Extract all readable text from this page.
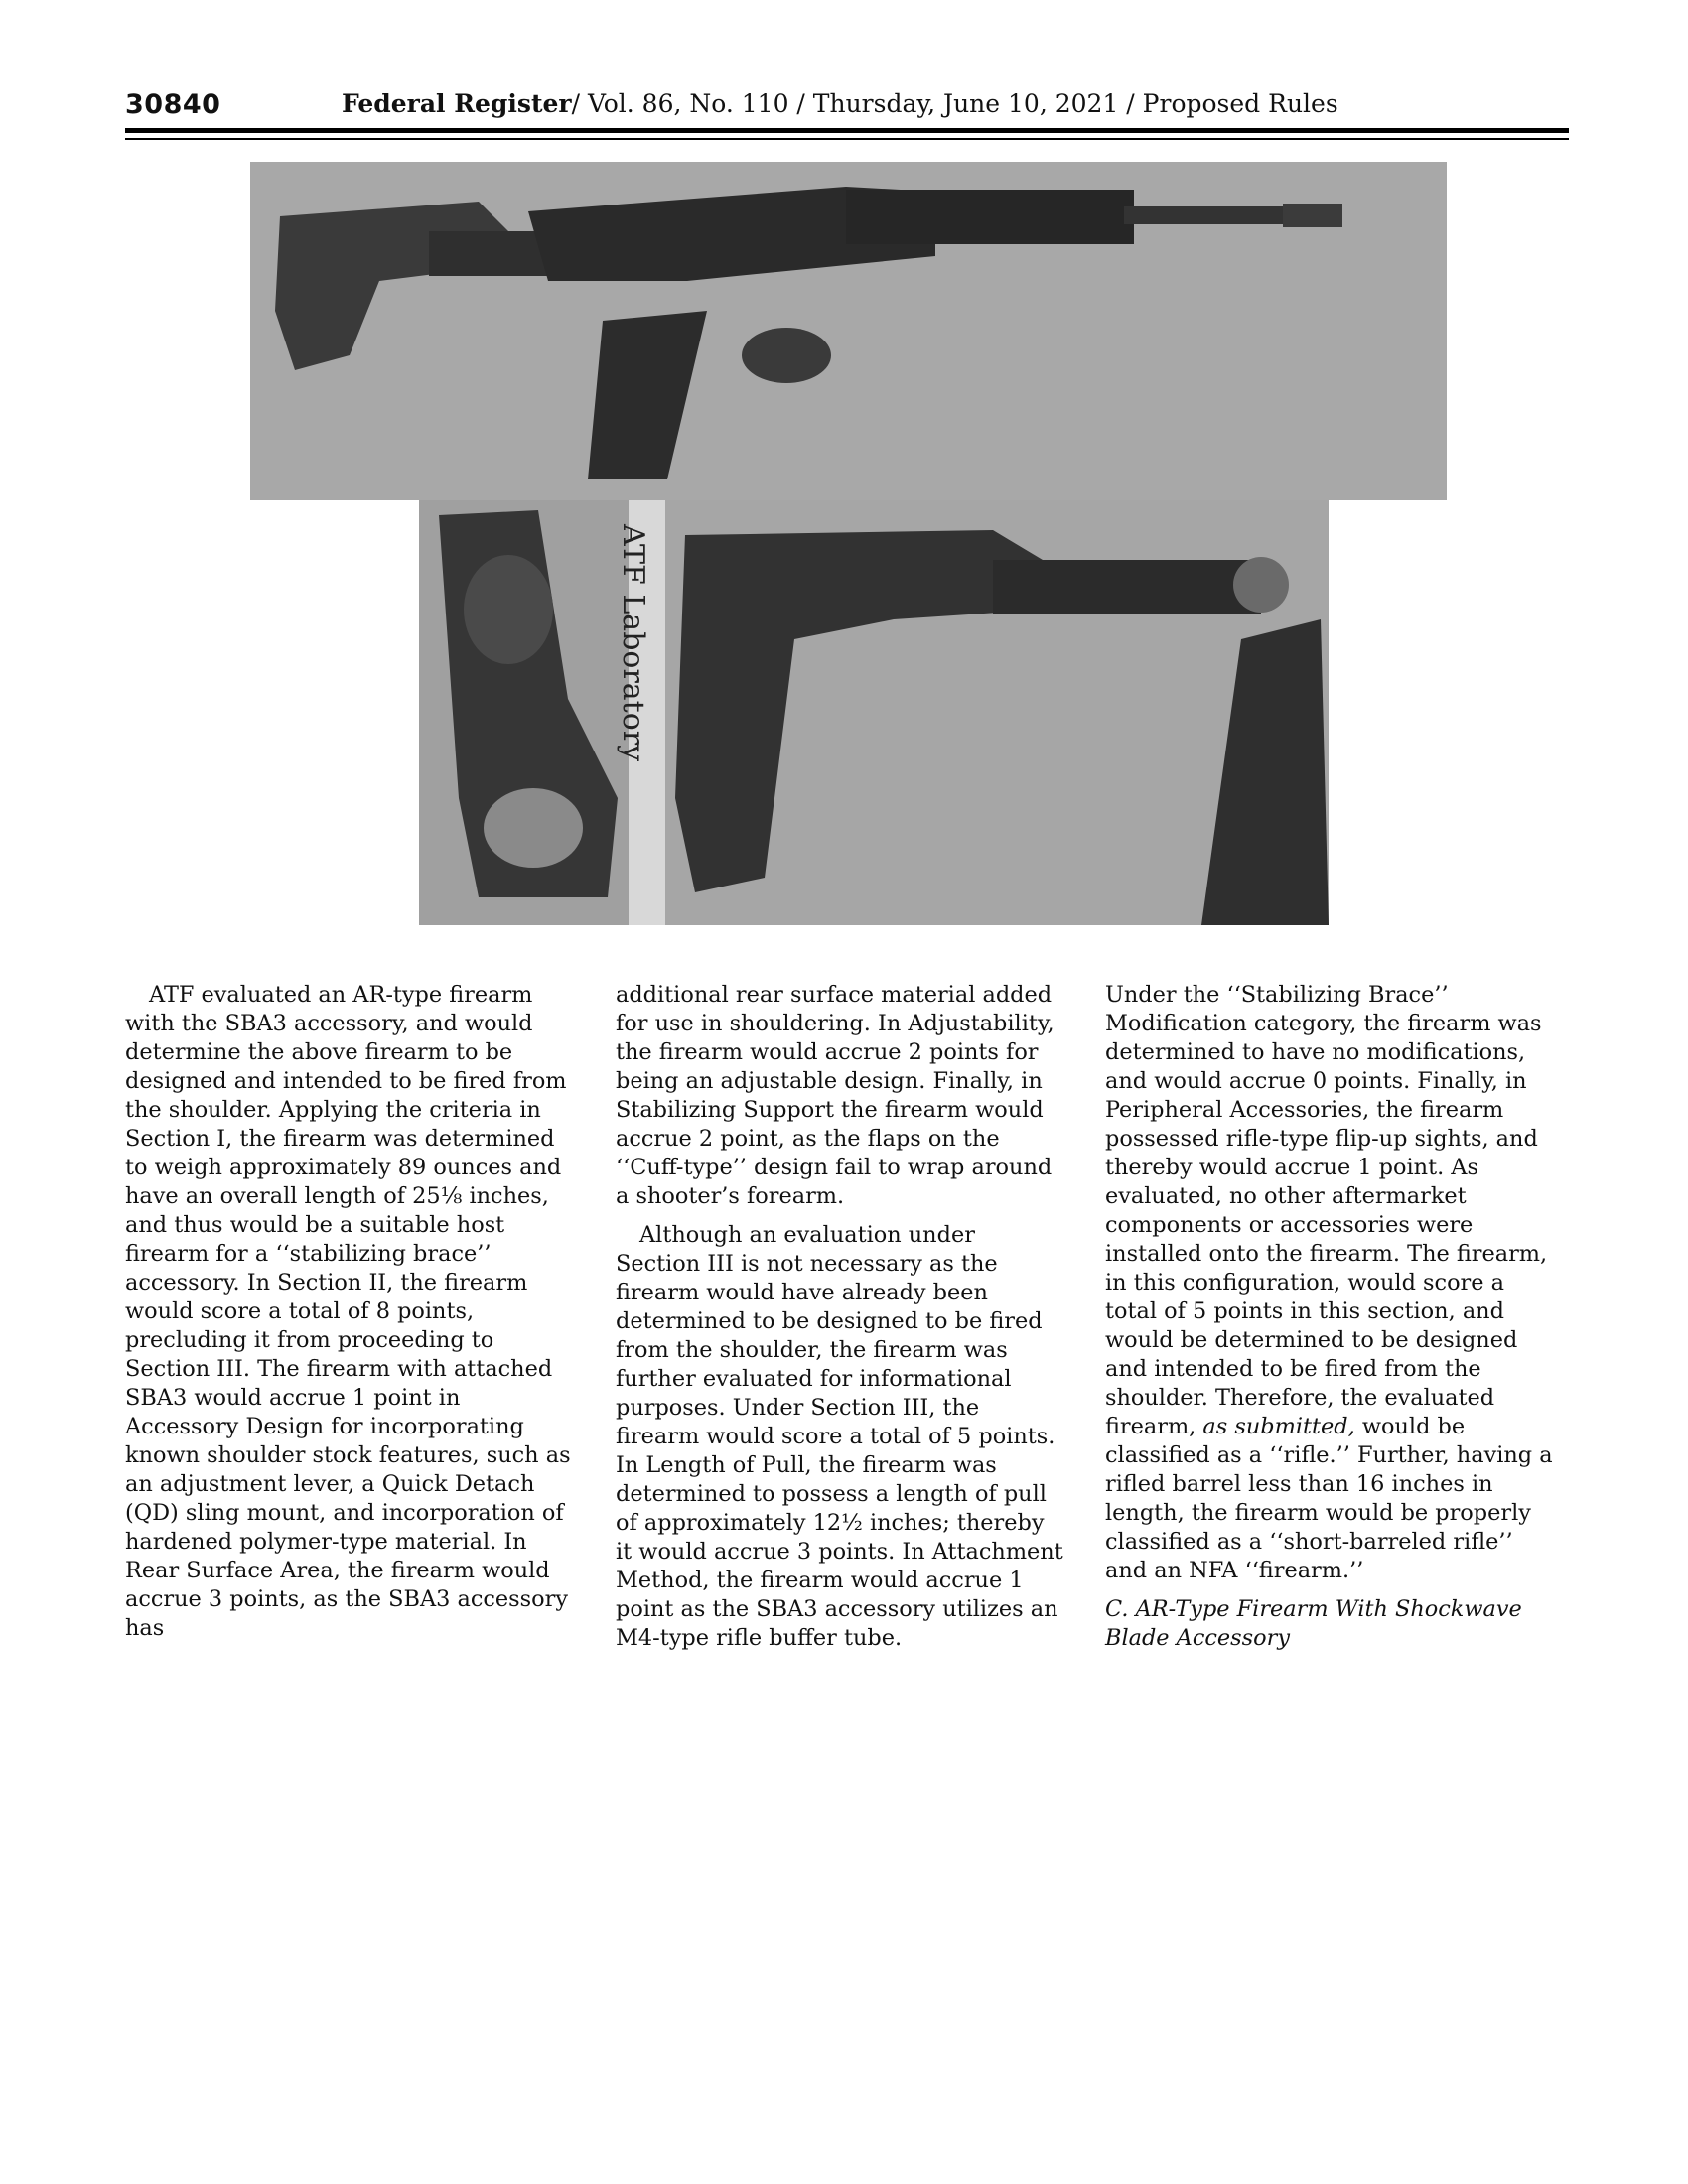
30840	Federal Register/ Vol. 86, No. 110 / Thursday, June 10, 2021 / Proposed Rules
ATF Laboratory

ATF evaluated an AR-type firearm with the SBA3 accessory, and would determine the above firearm to be designed and intended to be fired from the shoulder. Applying the criteria in Section I, the firearm was determined to weigh approximately 89 ounces and have an overall length of 25⅛ inches, and thus would be a suitable host firearm for a ‘‘stabilizing brace’’ accessory. In Section II, the firearm would score a total of 8 points, precluding it from proceeding to Section III. The firearm with attached SBA3 would accrue 1 point in Accessory Design for incorporating known shoulder stock features, such as an adjustment lever, a Quick Detach (QD) sling mount, and incorporation of hardened polymer-type material. In Rear Surface Area, the firearm would accrue 3 points, as the SBA3 accessory has

additional rear surface material added for use in shouldering. In Adjustability, the firearm would accrue 2 points for being an adjustable design. Finally, in Stabilizing Support the firearm would accrue 2 point, as the flaps on the ‘‘Cuff-type’’ design fail to wrap around a shooter’s forearm.

Although an evaluation under Section III is not necessary as the firearm would have already been determined to be designed to be fired from the shoulder, the firearm was further evaluated for informational purposes. Under Section III, the firearm would score a total of 5 points. In Length of Pull, the firearm was determined to possess a length of pull of approximately 12½ inches; thereby it would accrue 3 points. In Attachment Method, the firearm would accrue 1 point as the SBA3 accessory utilizes an M4-type rifle buffer tube.

Under the ‘‘Stabilizing Brace’’ Modification category, the firearm was determined to have no modifications, and would accrue 0 points. Finally, in Peripheral Accessories, the firearm possessed rifle-type flip-up sights, and thereby would accrue 1 point. As evaluated, no other aftermarket components or accessories were installed onto the firearm. The firearm, in this configuration, would score a total of 5 points in this section, and would be determined to be designed and intended to be fired from the shoulder. Therefore, the evaluated firearm, as submitted, would be classified as a ‘‘rifle.’’ Further, having a rifled barrel less than 16 inches in length, the firearm would be properly classified as a ‘‘short-barreled rifle’’ and an NFA ‘‘firearm.’’

C. AR-Type Firearm With Shockwave Blade Accessory
